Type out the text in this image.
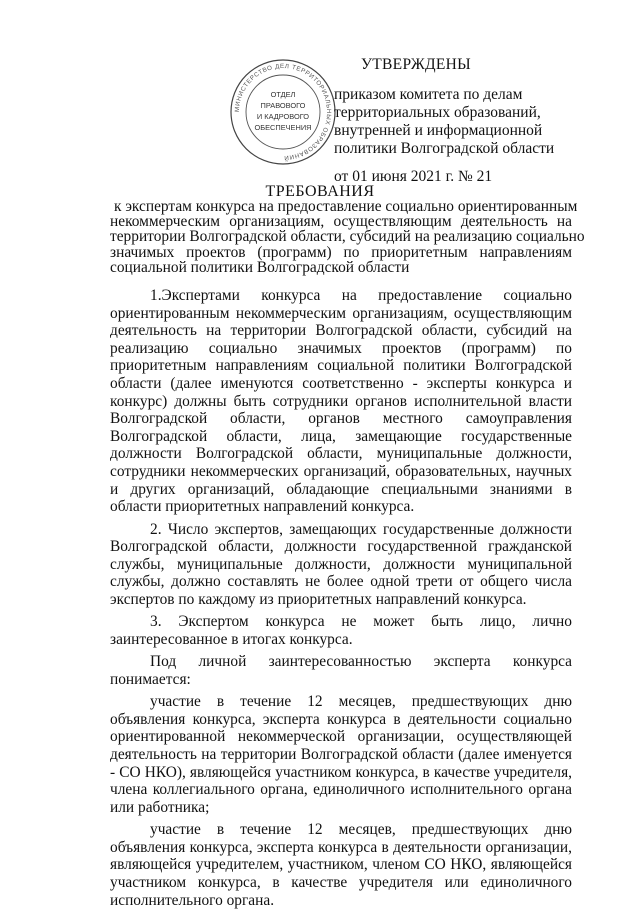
МИНИСТЕРСТВО ДЕЛ ТЕРРИТОРИАЛЬНЫХ ОБРАЗОВАНИЙ
ОТДЕЛ
ПРАВОВОГО
И КАДРОВОГО
ОБЕСПЕЧЕНИЯ
УТВЕРЖДЕНЫ
приказом комитета по делам
территориальных образований,
внутренней и информационной
политики Волгоградской области
от 01 июня 2021 г. № 21
ТРЕБОВАНИЯ
к экспертам конкурса на предоставление социально ориентированным
некоммерческим организациям, осуществляющим деятельность на
территории Волгоградской области, субсидий на реализацию социально
значимых проектов (программ) по приоритетным направлениям
социальной политики Волгоградской области

1.Экспертами конкурса на предоставление социально ориентированным некоммерческим организациям, осуществляющим деятельность на территории Волгоградской области, субсидий на реализацию социально значимых проектов (программ) по приоритетным направлениям социальной политики Волгоградской области (далее именуются соответственно - эксперты конкурса и конкурс) должны быть сотрудники органов исполнительной власти Волгоградской области, органов местного самоуправления Волгоградской области, лица, замещающие государственные должности Волгоградской области, муниципальные должности, сотрудники некоммерческих организаций, образовательных, научных и других организаций, обладающие специальными знаниями в области приоритетных направлений конкурса.

2. Число экспертов, замещающих государственные должности Волгоградской области, должности государственной гражданской службы, муниципальные должности, должности муниципальной службы, должно составлять не более одной трети от общего числа экспертов по каждому из приоритетных направлений конкурса.

3. Экспертом конкурса не может быть лицо, лично заинтересованное в итогах конкурса.

Под личной заинтересованностью эксперта конкурса понимается:

участие в течение 12 месяцев, предшествующих дню объявления конкурса, эксперта конкурса в деятельности социально ориентированной некоммерческой организации, осуществляющей деятельность на территории Волгоградской области (далее именуется - СО НКО), являющейся участником конкурса, в качестве учредителя, члена коллегиального органа, единоличного исполнительного органа или работника;

участие в течение 12 месяцев, предшествующих дню объявления конкурса, эксперта конкурса в деятельности организации, являющейся учредителем, участником, членом СО НКО, являющейся участником конкурса, в качестве учредителя или единоличного исполнительного органа.
